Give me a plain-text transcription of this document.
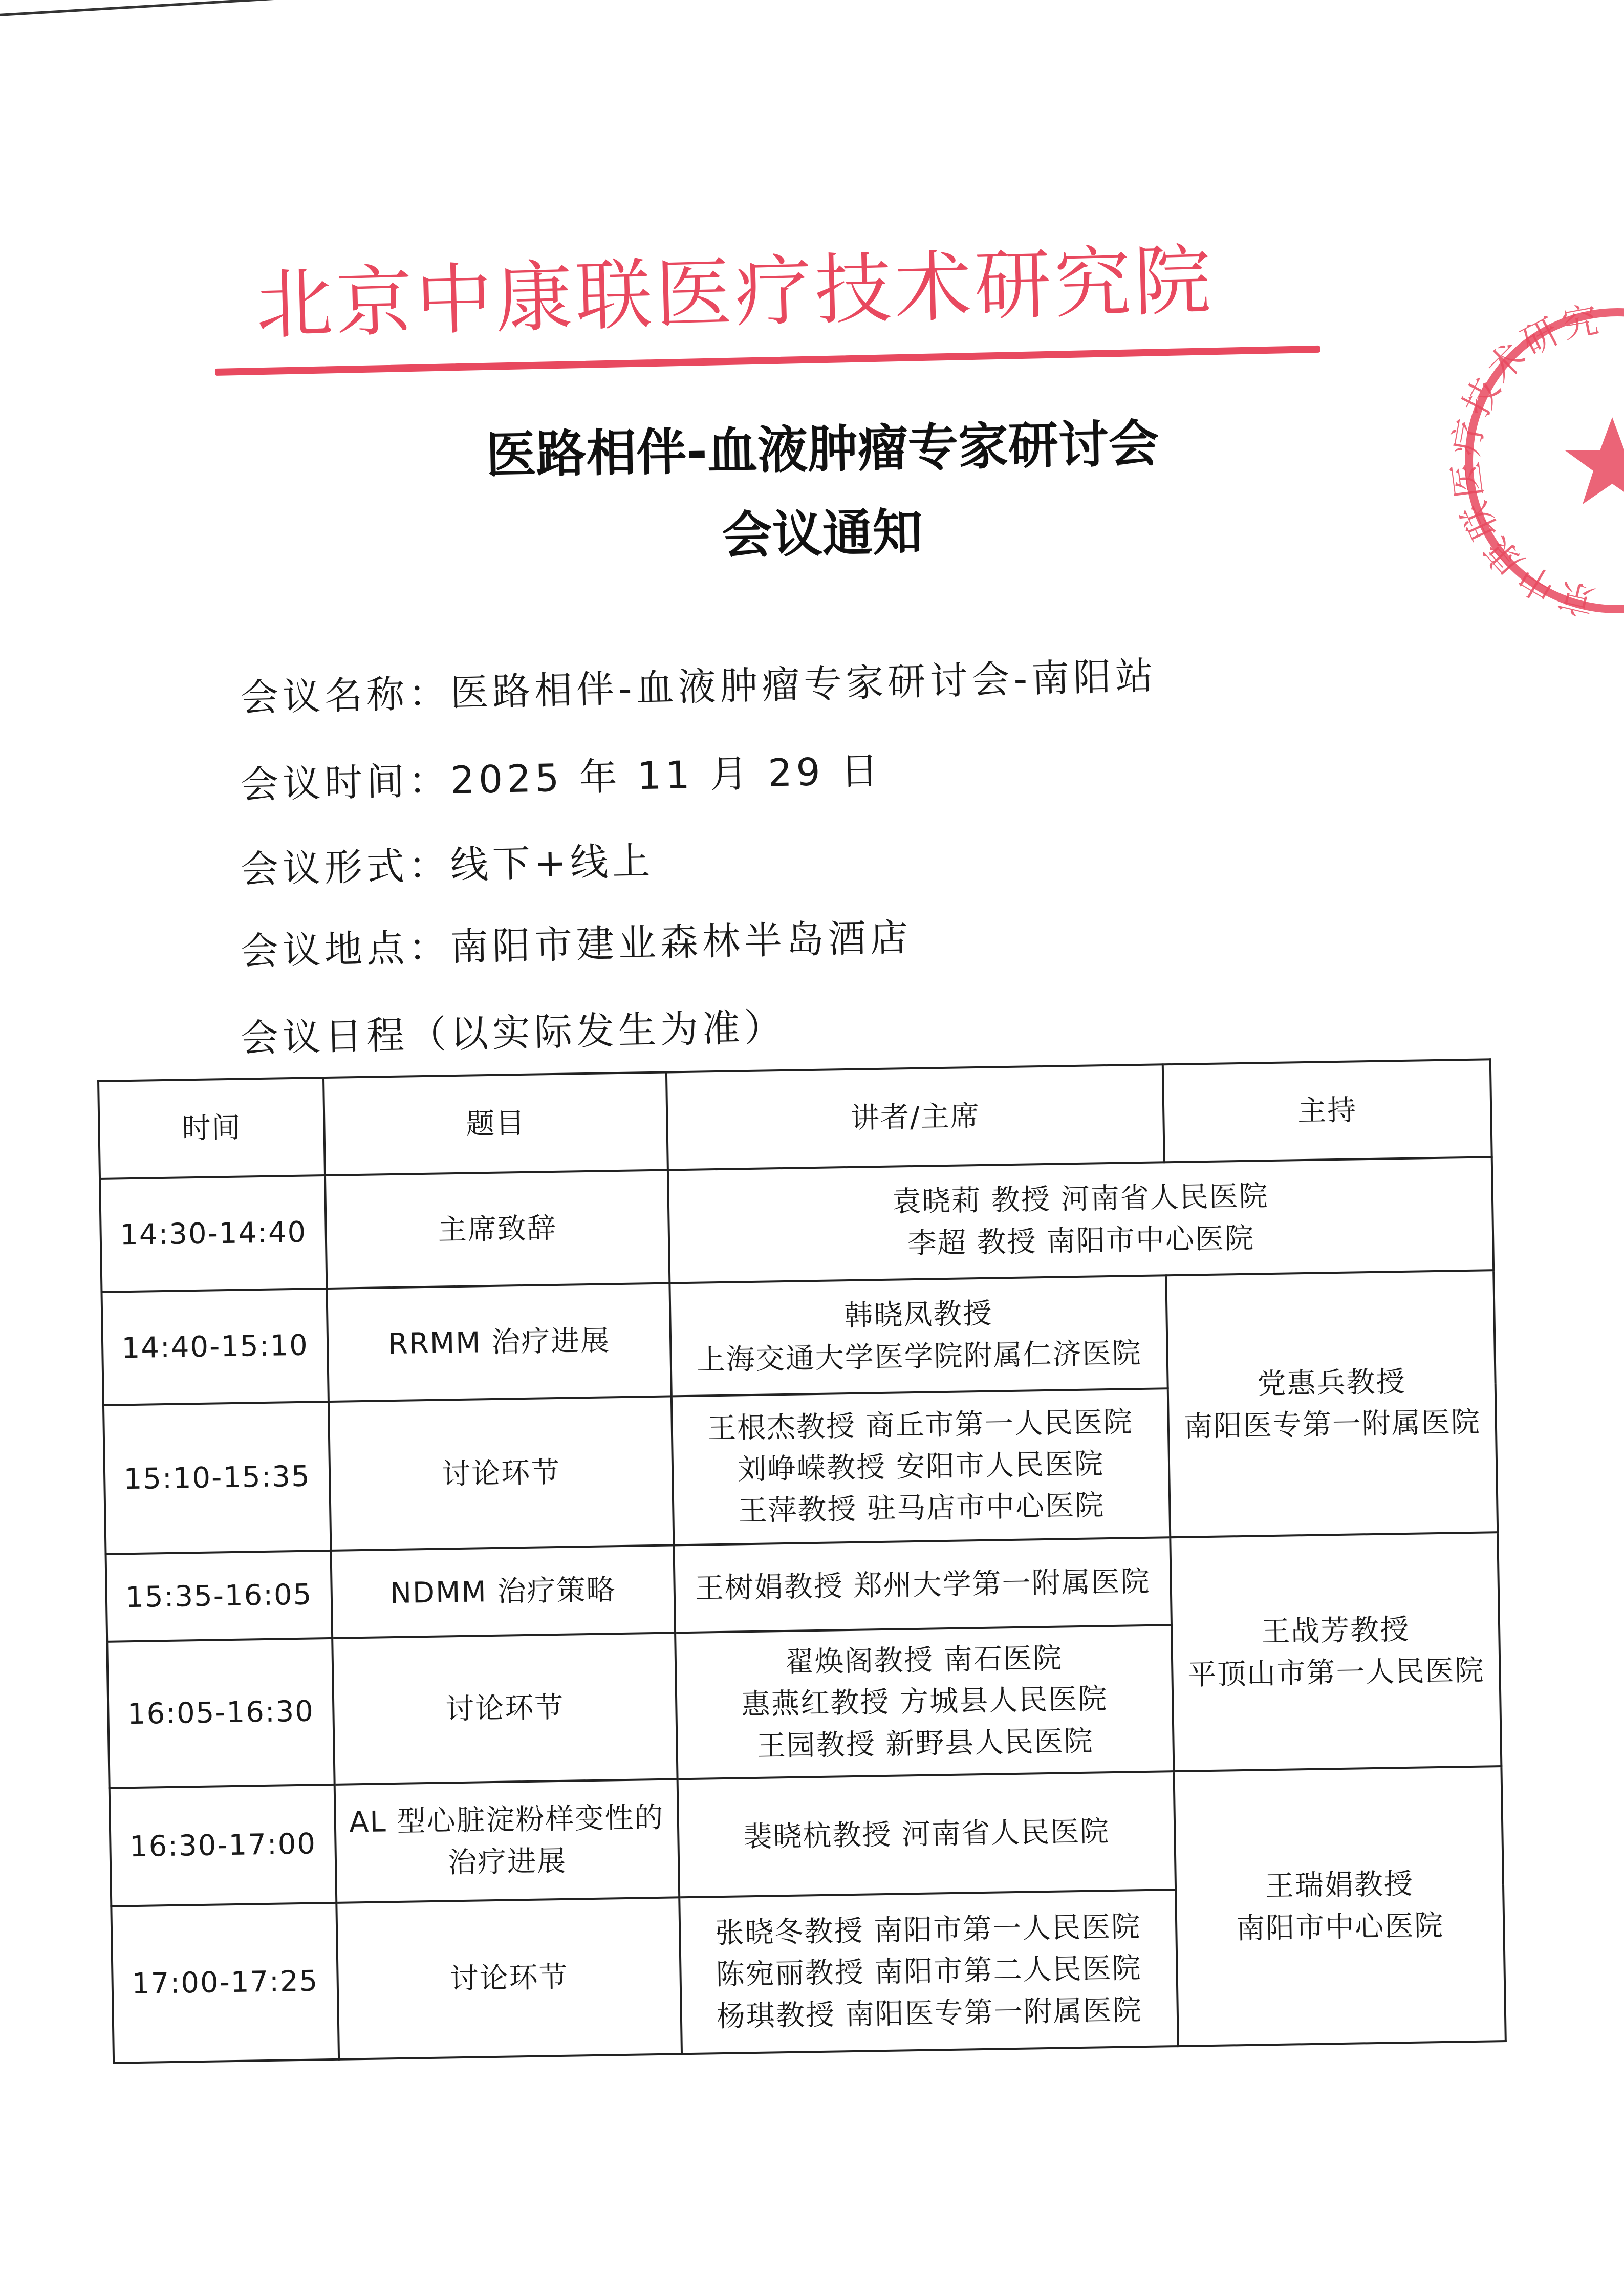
北京中康联医疗技术研究院
医路相伴-血液肿瘤专家研讨会
会议通知
京中康联医疗技术研究院
会议名称：医路相伴-血液肿瘤专家研讨会-南阳站
会议时间：2025 年 11 月 29 日
会议形式：线下+线上
会议地点：南阳市建业森林半岛酒店
会议日程（以实际发生为准）
时间	题目	讲者/主席	主持
14:30-14:40	主席致辞	袁晓莉 教授 河南省人民医院
李超 教授 南阳市中心医院	

14:40-15:10	RRMM 治疗进展	韩晓凤教授
上海交通大学医学院附属仁济医院	党惠兵教授
南阳医专第一附属医院

15:10-15:35	讨论环节	王根杰教授 商丘市第一人民医院
刘峥嵘教授 安阳市人民医院
王萍教授 驻马店市中心医院	

15:35-16:05	NDMM 治疗策略	王树娟教授 郑州大学第一附属医院	王战芳教授
平顶山市第一人民医院

16:05-16:30	讨论环节	翟焕阁教授 南石医院
惠燕红教授 方城县人民医院
王园教授 新野县人民医院	

16:30-17:00	AL 型心脏淀粉样变性的
治疗进展	裴晓杭教授 河南省人民医院	王瑞娟教授
南阳市中心医院

17:00-17:25	讨论环节	张晓冬教授 南阳市第一人民医院
陈宛丽教授 南阳市第二人民医院
杨琪教授 南阳医专第一附属医院	
